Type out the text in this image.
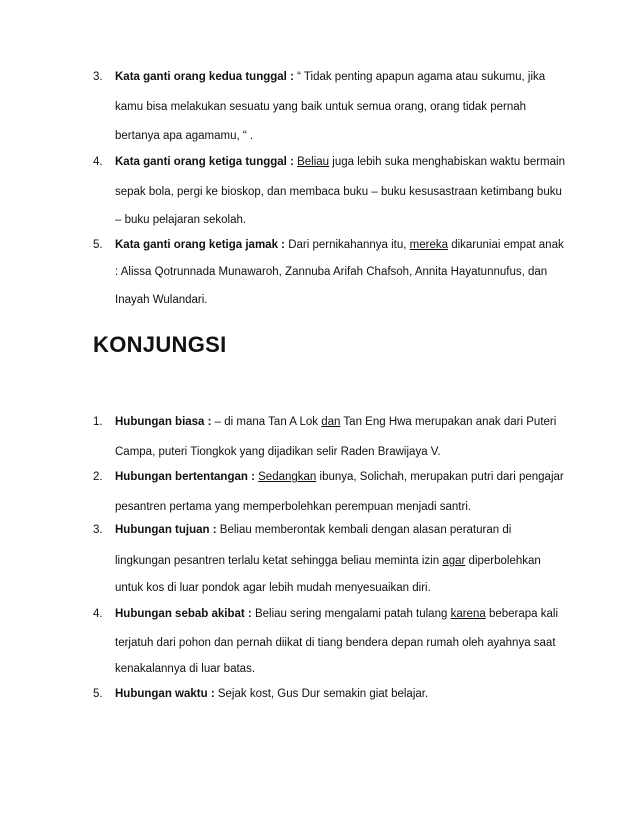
3. Kata ganti orang kedua tunggal : “ Tidak penting apapun agama atau sukumu, jika
kamu bisa melakukan sesuatu yang baik untuk semua orang, orang tidak pernah
bertanya apa agamamu, “ .
4. Kata ganti orang ketiga tunggal : Beliau juga lebih suka menghabiskan waktu bermain
sepak bola, pergi ke bioskop, dan membaca buku – buku kesusastraan ketimbang buku
– buku pelajaran sekolah.
5. Kata ganti orang ketiga jamak : Dari pernikahannya itu, mereka dikaruniai empat anak
: Alissa Qotrunnada Munawaroh, Zannuba Arifah Chafsoh, Annita Hayatunnufus, dan
Inayah Wulandari.
KONJUNGSI
1. Hubungan biasa : – di mana Tan A Lok dan Tan Eng Hwa merupakan anak dari Puteri
Campa, puteri Tiongkok yang dijadikan selir Raden Brawijaya V.
2. Hubungan bertentangan : Sedangkan ibunya, Solichah, merupakan putri dari pengajar
pesantren pertama yang memperbolehkan perempuan menjadi santri.
3. Hubungan tujuan : Beliau memberontak kembali dengan alasan peraturan di
lingkungan pesantren terlalu ketat sehingga beliau meminta izin agar diperbolehkan
untuk kos di luar pondok agar lebih mudah menyesuaikan diri.
4. Hubungan sebab akibat : Beliau sering mengalami patah tulang karena beberapa kali
terjatuh dari pohon dan pernah diikat di tiang bendera depan rumah oleh ayahnya saat
kenakalannya di luar batas.
5. Hubungan waktu : Sejak kost, Gus Dur semakin giat belajar.
